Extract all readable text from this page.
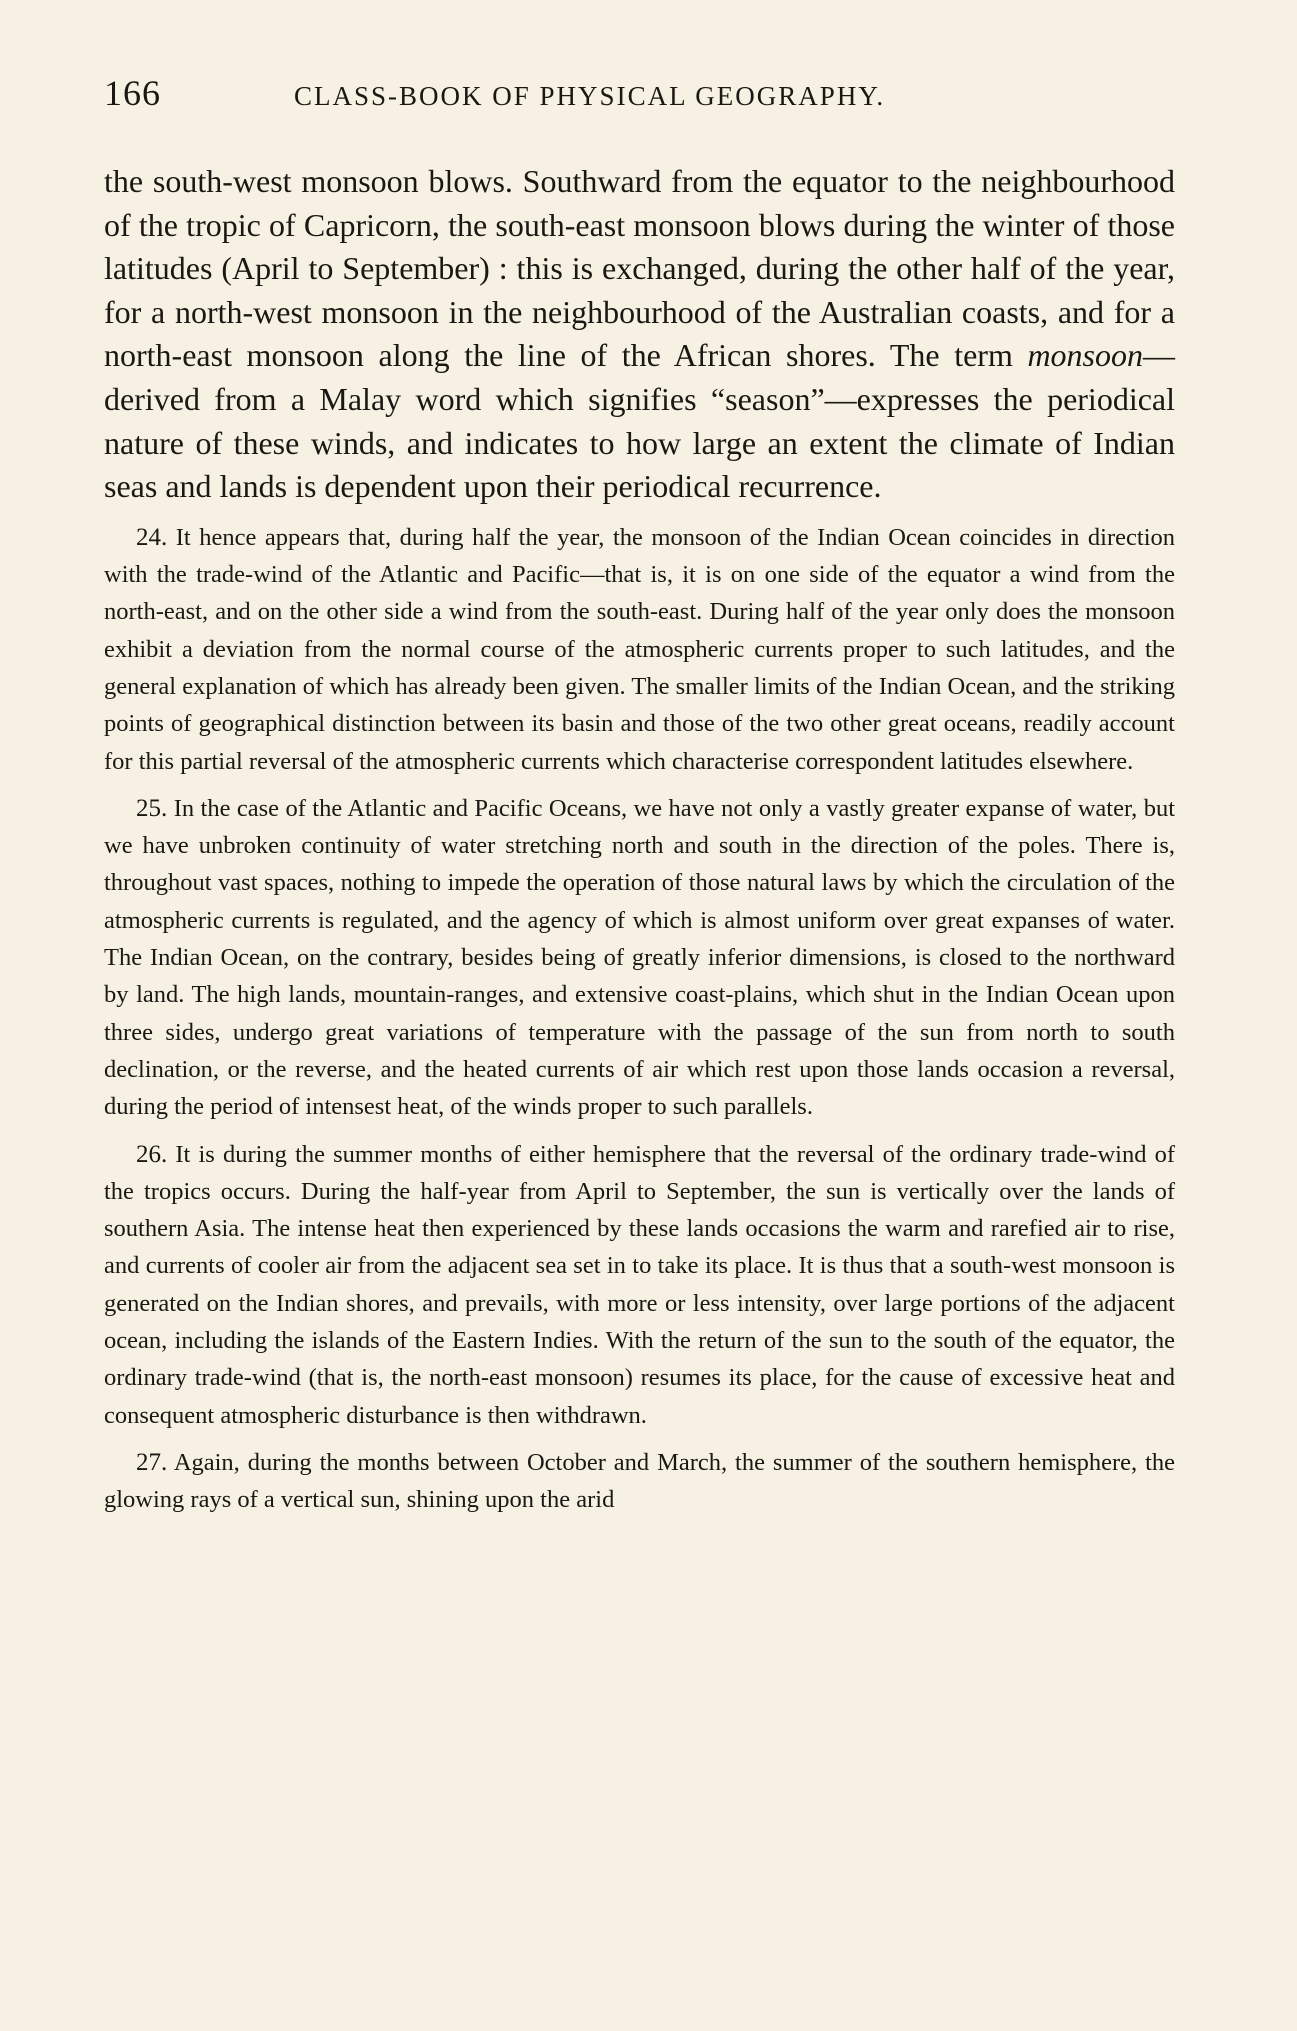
166	CLASS-BOOK OF PHYSICAL GEOGRAPHY.

the south-west monsoon blows. Southward from the equator to the neighbourhood of the tropic of Capricorn, the south-east monsoon blows during the winter of those latitudes (April to September) : this is exchanged, during the other half of the year, for a north-west monsoon in the neighbourhood of the Australian coasts, and for a north-east monsoon along the line of the African shores. The term monsoon—derived from a Malay word which signifies “season”—expresses the periodical nature of these winds, and indicates to how large an extent the climate of Indian seas and lands is dependent upon their periodical recurrence.

24. It hence appears that, during half the year, the monsoon of the Indian Ocean coincides in direction with the trade-wind of the Atlantic and Pacific—that is, it is on one side of the equator a wind from the north-east, and on the other side a wind from the south-east. During half of the year only does the monsoon exhibit a deviation from the normal course of the atmospheric currents proper to such latitudes, and the general explanation of which has already been given. The smaller limits of the Indian Ocean, and the striking points of geographical distinction between its basin and those of the two other great oceans, readily account for this partial reversal of the atmospheric currents which characterise correspondent latitudes elsewhere.

25. In the case of the Atlantic and Pacific Oceans, we have not only a vastly greater expanse of water, but we have unbroken continuity of water stretching north and south in the direction of the poles. There is, throughout vast spaces, nothing to impede the operation of those natural laws by which the circulation of the atmospheric currents is regulated, and the agency of which is almost uniform over great expanses of water. The Indian Ocean, on the contrary, besides being of greatly inferior dimensions, is closed to the northward by land. The high lands, mountain-ranges, and extensive coast-plains, which shut in the Indian Ocean upon three sides, undergo great variations of temperature with the passage of the sun from north to south declination, or the reverse, and the heated currents of air which rest upon those lands occasion a reversal, during the period of intensest heat, of the winds proper to such parallels.

26. It is during the summer months of either hemisphere that the reversal of the ordinary trade-wind of the tropics occurs. During the half-year from April to September, the sun is vertically over the lands of southern Asia. The intense heat then experienced by these lands occasions the warm and rarefied air to rise, and currents of cooler air from the adjacent sea set in to take its place. It is thus that a south-west monsoon is generated on the Indian shores, and prevails, with more or less intensity, over large portions of the adjacent ocean, including the islands of the Eastern Indies. With the return of the sun to the south of the equator, the ordinary trade-wind (that is, the north-east monsoon) resumes its place, for the cause of excessive heat and consequent atmospheric disturbance is then withdrawn.

27. Again, during the months between October and March, the summer of the southern hemisphere, the glowing rays of a vertical sun, shining upon the arid
